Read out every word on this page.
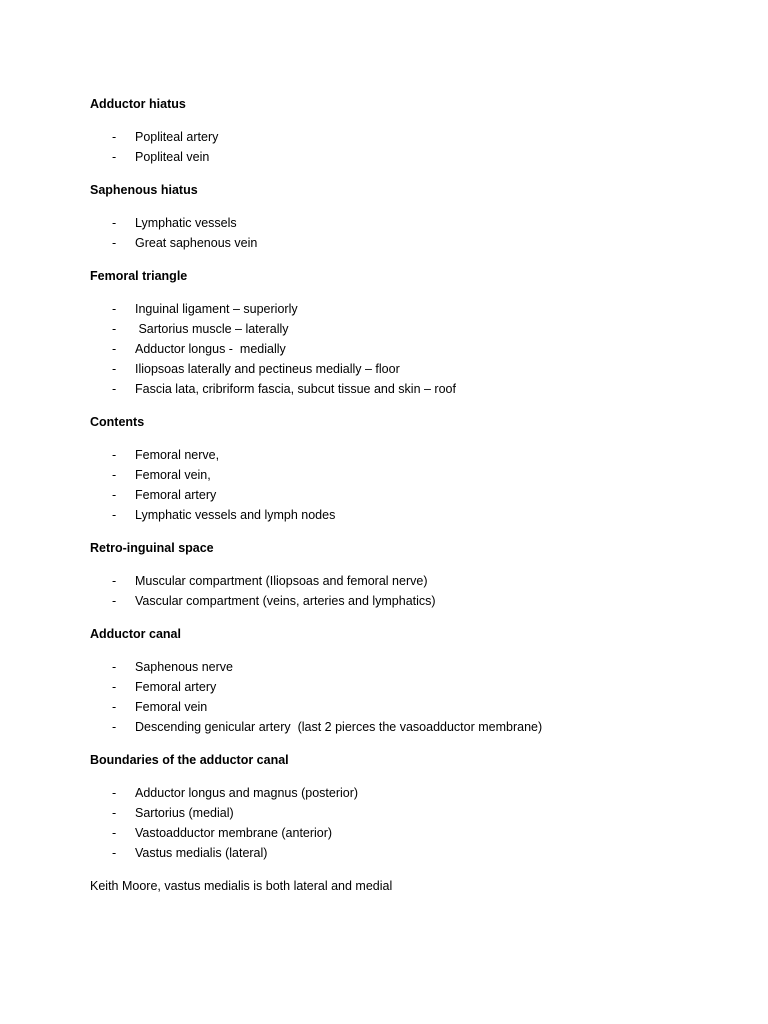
Adductor hiatus

- Popliteal artery
- Popliteal vein

Saphenous hiatus

- Lymphatic vessels
- Great saphenous vein

Femoral triangle

- Inguinal ligament – superiorly
- Sartorius muscle – laterally
- Adductor longus -  medially
- Iliopsoas laterally and pectineus medially – floor
- Fascia lata, cribriform fascia, subcut tissue and skin – roof

Contents

- Femoral nerve,
- Femoral vein,
- Femoral artery
- Lymphatic vessels and lymph nodes

Retro-inguinal space

- Muscular compartment (Iliopsoas and femoral nerve)
- Vascular compartment (veins, arteries and lymphatics)

Adductor canal

- Saphenous nerve
- Femoral artery
- Femoral vein
- Descending genicular artery  (last 2 pierces the vasoadductor membrane)

Boundaries of the adductor canal

- Adductor longus and magnus (posterior)
- Sartorius (medial)
- Vastoadductor membrane (anterior)
- Vastus medialis (lateral)

Keith Moore, vastus medialis is both lateral and medial
